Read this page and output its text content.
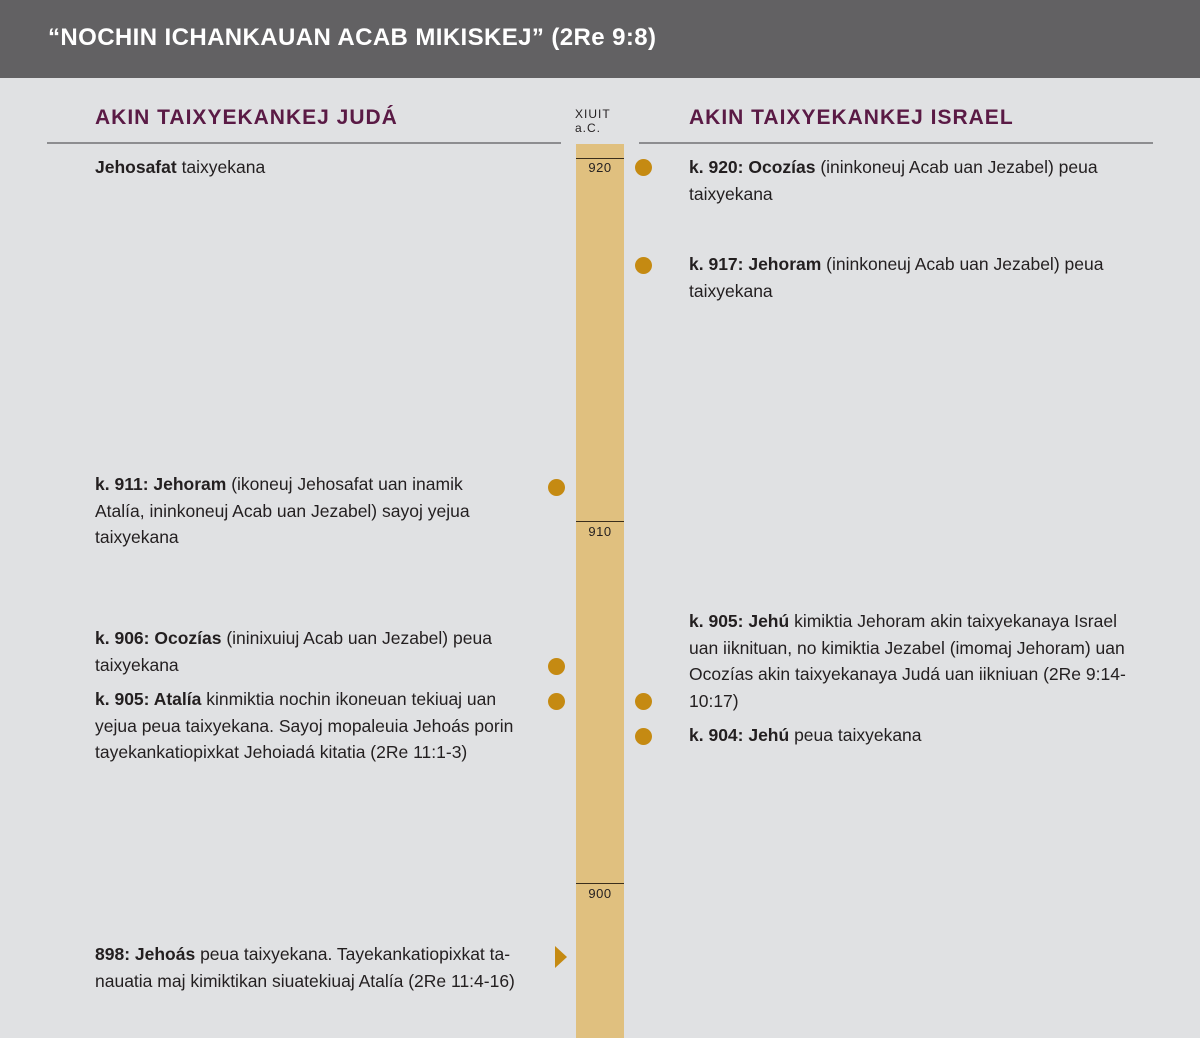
“NOCHIN ICHANKAUAN ACAB MIKISKEJ” (2Re 9:8)
AKIN TAIXYEKANKEJ JUDÁ	AKIN TAIXYEKANKEJ ISRAEL
XIUIT
a.C.
920
910
900
Jehosafat taixyekana
k. 911: Jehoram (ikoneuj Jehosafat uan inamik Atalía, ininkoneuj Acab uan Jezabel) sayoj yejua taixyekana
k. 906: Ocozías (ininixuiuj Acab uan Jezabel) peua taixyekana
k. 905: Atalía kinmiktia nochin ikoneuan tekiuaj uan yejua peua taixyekana. Sayoj mopaleuia Jehoás porin tayekankatiopixkat Jehoiadá kitatia (2Re 11:1-3)
898: Jehoás peua taixyekana. Tayekankatiopixkat ta-nauatia maj kimiktikan siuatekiuaj Atalía (2Re 11:4-16)
k. 920: Ocozías (ininkoneuj Acab uan Jezabel) peua taixyekana
k. 917: Jehoram (ininkoneuj Acab uan Jezabel) peua taixyekana
k. 905: Jehú kimiktia Jehoram akin taixyekanaya Israel uan iiknituan, no kimiktia Jezabel (imomaj Jehoram) uan Ocozías akin taixyekanaya Judá uan iikniuan (2Re 9:14-10:17)
k. 904: Jehú peua taixyekana
